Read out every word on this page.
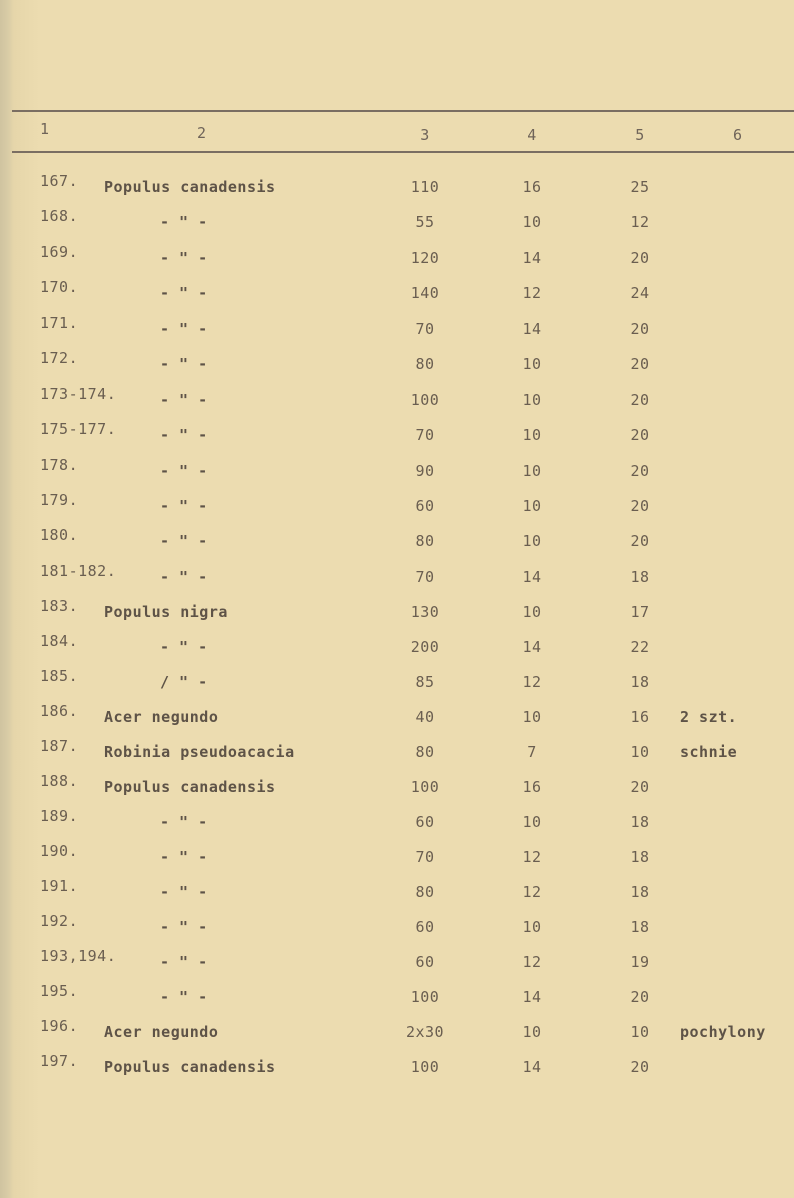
1	2	3	4	5	6
167. Populus canadensis	110	16	25
168.	- " -	55	10	12
169.	- " -	120	14	20
170.	- " -	140	12	24
171.	- " -	70	14	20
172.	- " -	80	10	20
173-174.	- " -	100	10	20
175-177.	- " -	70	10	20
178.	- " -	90	10	20
179.	- " -	60	10	20
180.	- " -	80	10	20
181-182.	- " -	70	14	18
183. Populus nigra	130	10	17
184.	- " -	200	14	22
185.	/ " -	85	12	18
186. Acer negundo	40	10	16	2 szt.
187. Robinia pseudoacacia	80	7	10	schnie
188. Populus canadensis	100	16	20
189.	- " -	60	10	18
190.	- " -	70	12	18
191.	- " -	80	12	18
192.	- " -	60	10	18
193,194.	- " -	60	12	19
195.	- " -	100	14	20
196. Acer negundo	2x30	10	10	pochylony
197. Populus canadensis	100	14	20
